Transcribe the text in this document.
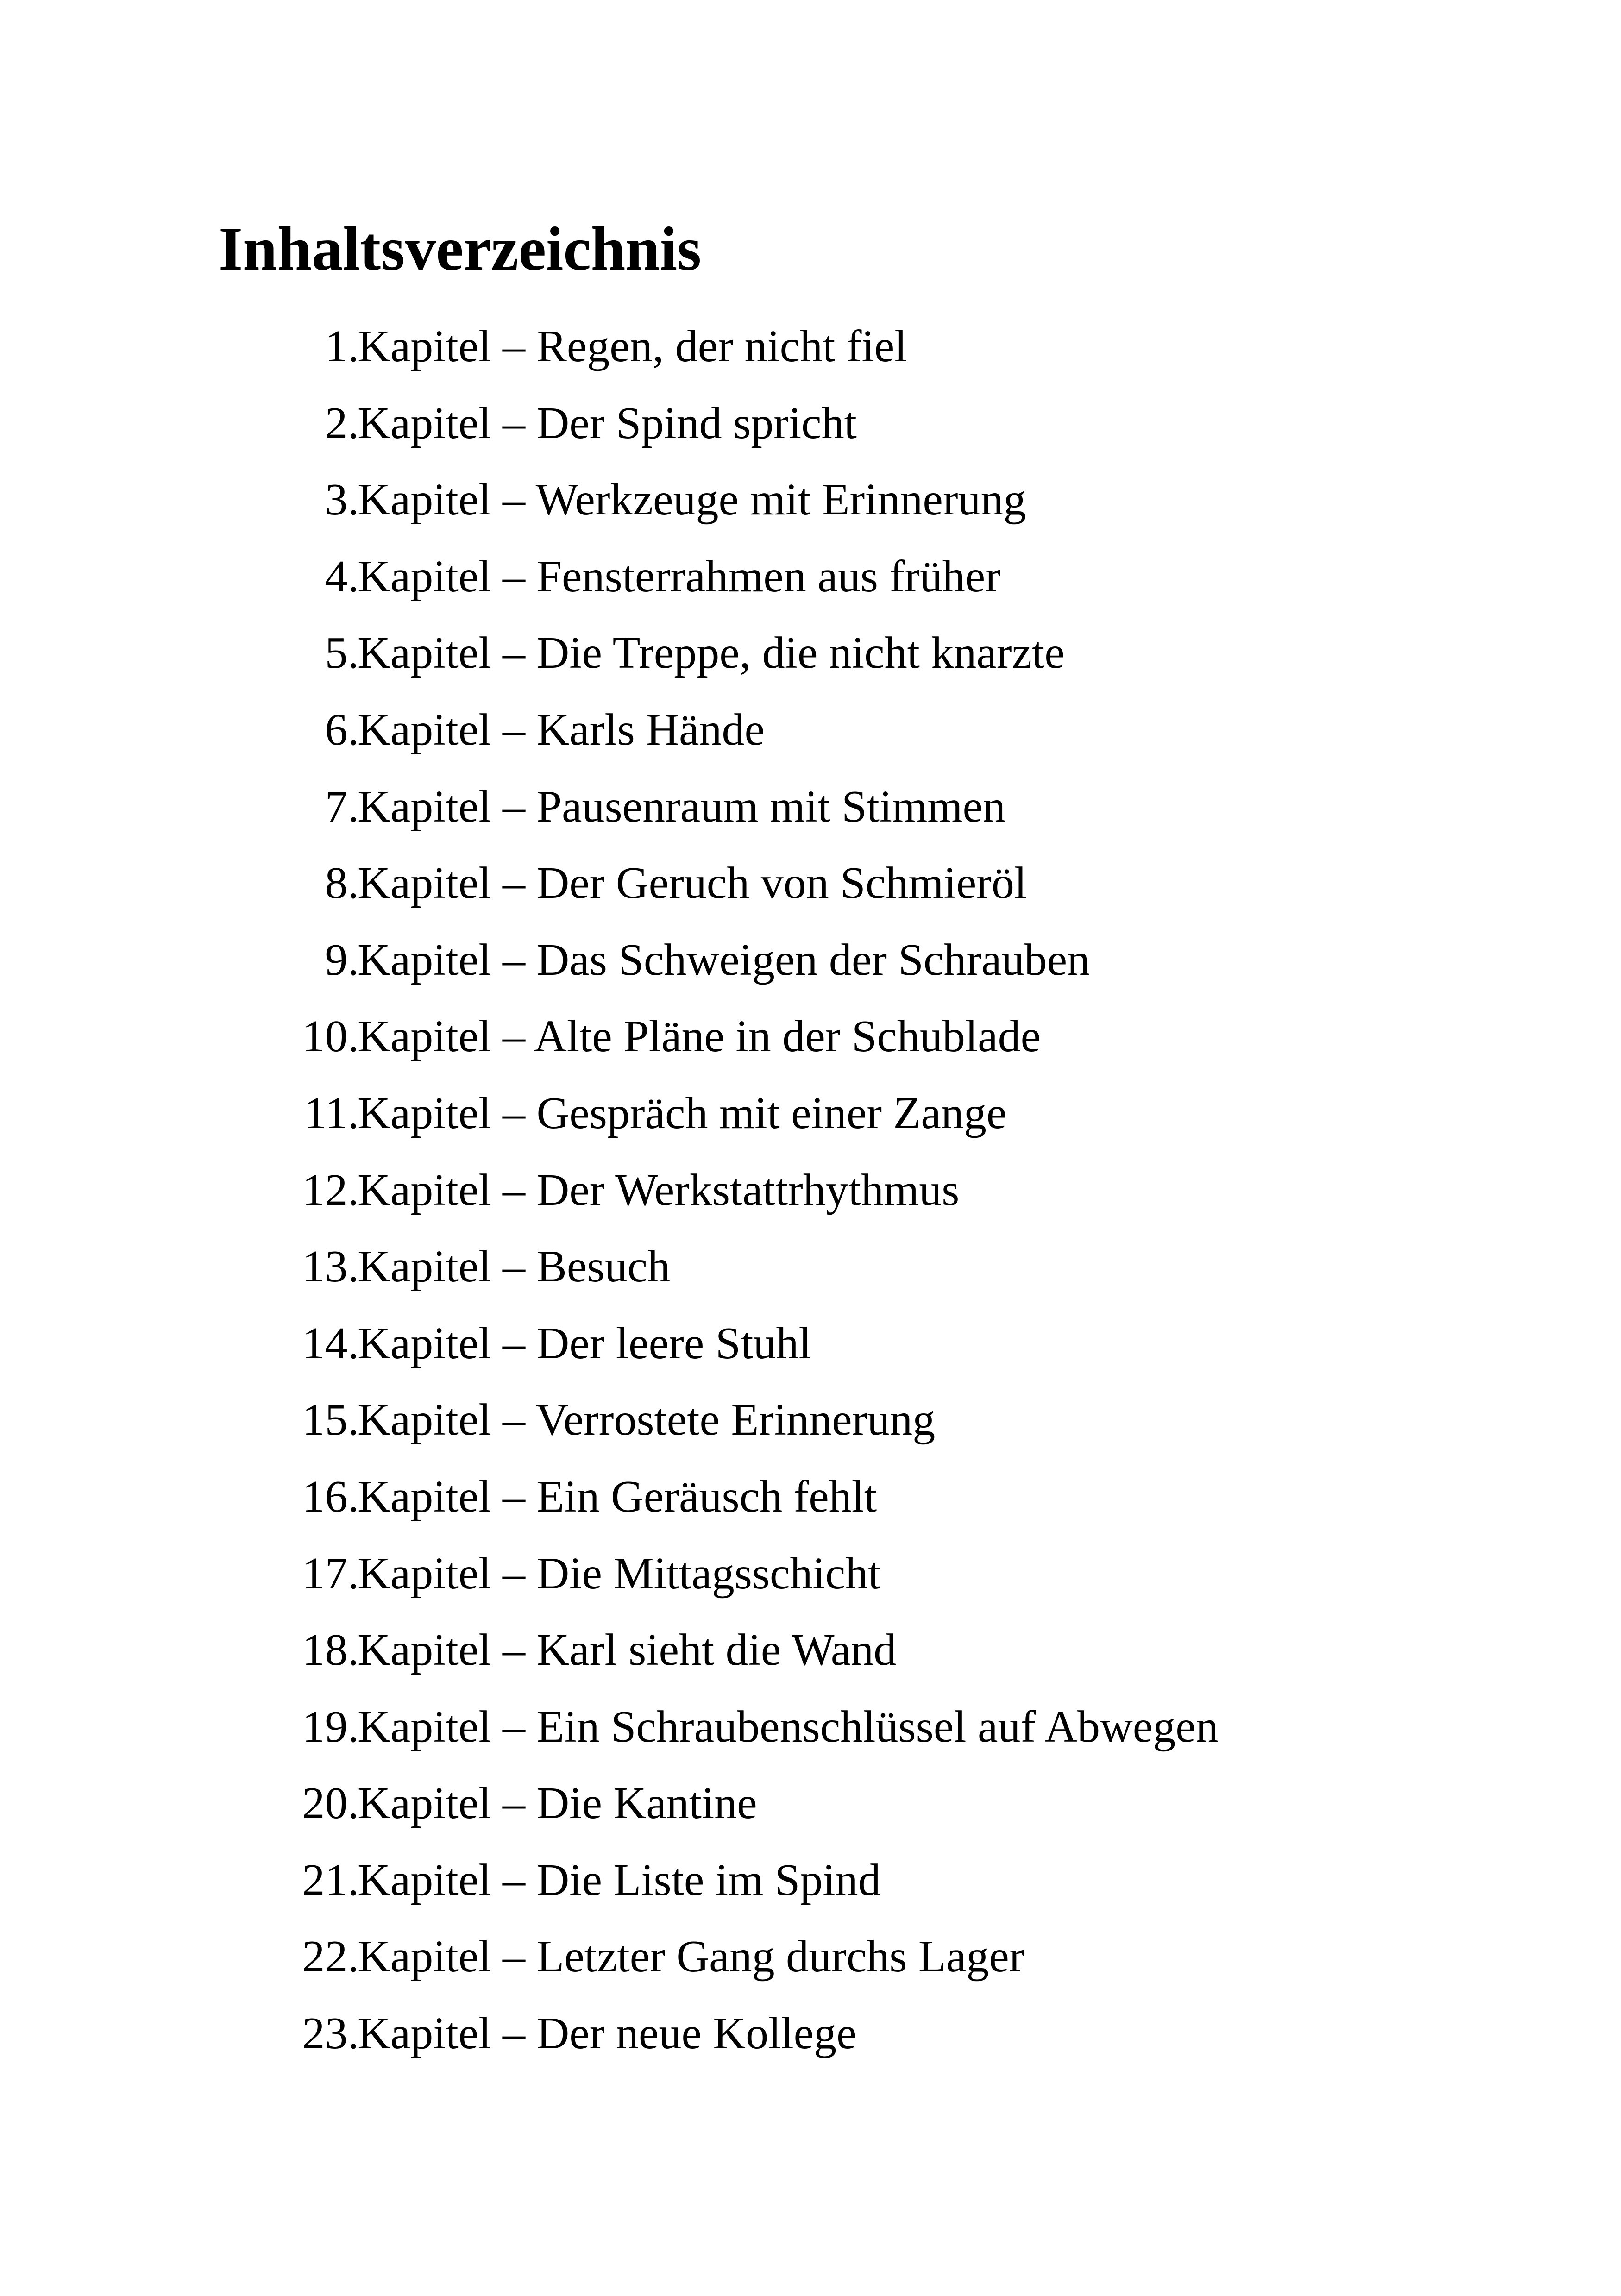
Inhaltsverzeichnis
1.
Kapitel – Regen, der nicht fiel
2.
Kapitel – Der Spind spricht
3.
Kapitel – Werkzeuge mit Erinnerung
4.
Kapitel – Fensterrahmen aus früher
5.
Kapitel – Die Treppe, die nicht knarzte
6.
Kapitel – Karls Hände
7.
Kapitel – Pausenraum mit Stimmen
8.
Kapitel – Der Geruch von Schmieröl
9.
Kapitel – Das Schweigen der Schrauben
10.
Kapitel – Alte Pläne in der Schublade
11.
Kapitel – Gespräch mit einer Zange
12.
Kapitel – Der Werkstattrhythmus
13.
Kapitel – Besuch
14.
Kapitel – Der leere Stuhl
15.
Kapitel – Verrostete Erinnerung
16.
Kapitel – Ein Geräusch fehlt
17.
Kapitel – Die Mittagsschicht
18.
Kapitel – Karl sieht die Wand
19.
Kapitel – Ein Schraubenschlüssel auf Abwegen
20.
Kapitel – Die Kantine
21.
Kapitel – Die Liste im Spind
22.
Kapitel – Letzter Gang durchs Lager
23.
Kapitel – Der neue Kollege
